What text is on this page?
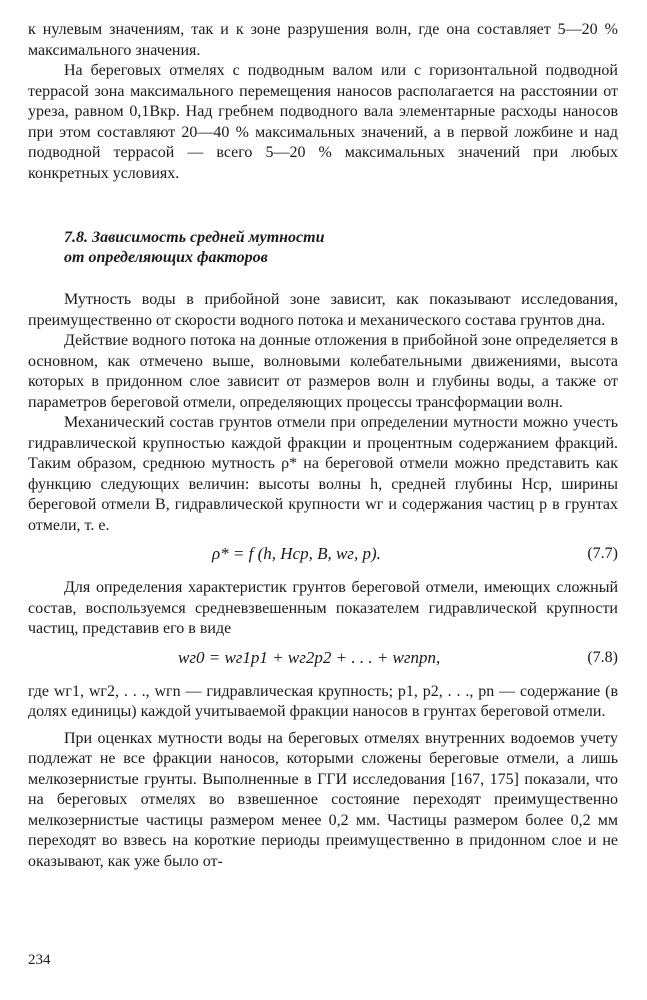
к нулевым значениям, так и к зоне разрушения волн, где она составляет 5—20 % максимального значения.

На береговых отмелях с подводным валом или с горизонтальной подводной террасой зона максимального перемещения наносов располагается на расстоянии от уреза, равном 0,1Bкр. Над гребнем подводного вала элементарные расходы наносов при этом составляют 20—40 % максимальных значений, а в первой ложбине и над подводной террасой — всего 5—20 % максимальных значений при любых конкретных условиях.

7.8. Зависимость средней мутности
от определяющих факторов

Мутность воды в прибойной зоне зависит, как показывают исследования, преимущественно от скорости водного потока и механического состава грунтов дна.

Действие водного потока на донные отложения в прибойной зоне определяется в основном, как отмечено выше, волновыми колебательными движениями, высота которых в придонном слое зависит от размеров волн и глубины воды, а также от параметров береговой отмели, определяющих процессы трансформации волн.

Механический состав грунтов отмели при определении мутности можно учесть гидравлической крупностью каждой фракции и процентным содержанием фракций. Таким образом, среднюю мутность ρ* на береговой отмели можно представить как функцию следующих величин: высоты волны h, средней глубины Hср, ширины береговой отмели B, гидравлической крупности wг и содержания частиц p в грунтах отмели, т. е.

ρ* = f (h, Hср, B, wг, p).	(7.7)

Для определения характеристик грунтов береговой отмели, имеющих сложный состав, воспользуемся средневзвешенным показателем гидравлической крупности частиц, представив его в виде

wг0 = wг1p1 + wг2p2 + . . . + wгnpn,	(7.8)

где wг1, wг2, . . ., wгn — гидравлическая крупность; p1, p2, . . ., pn — содержание (в долях единицы) каждой учитываемой фракции наносов в грунтах береговой отмели.

При оценках мутности воды на береговых отмелях внутренних водоемов учету подлежат не все фракции наносов, которыми сложены береговые отмели, а лишь мелкозернистые грунты. Выполненные в ГГИ исследования [167, 175] показали, что на береговых отмелях во взвешенное состояние переходят преимущественно мелкозернистые частицы размером менее 0,2 мм. Частицы размером более 0,2 мм переходят во взвесь на короткие периоды преимущественно в придонном слое и не оказывают, как уже было от-

234
